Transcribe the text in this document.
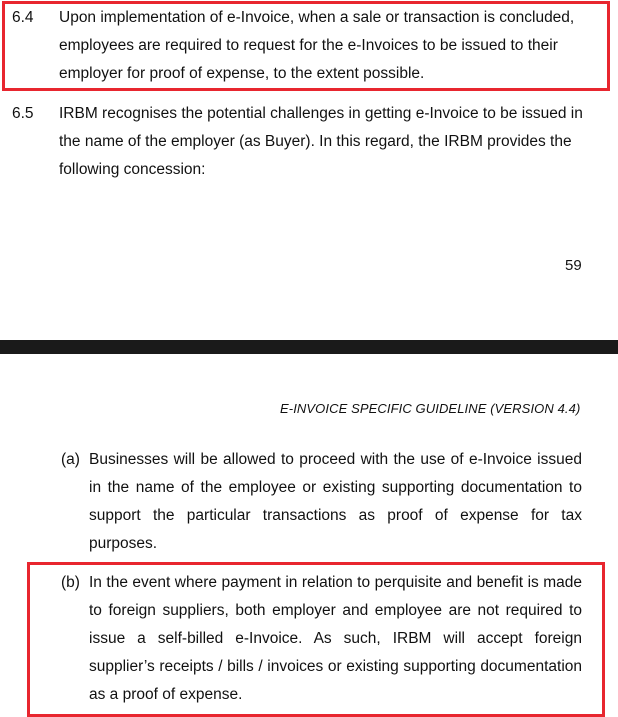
6.4 Upon implementation of e-Invoice, when a sale or transaction is concluded, employees are required to request for the e-Invoices to be issued to their employer for proof of expense, to the extent possible.
6.5 IRBM recognises the potential challenges in getting e-Invoice to be issued in the name of the employer (as Buyer). In this regard, the IRBM provides the following concession:
59
E-INVOICE SPECIFIC GUIDELINE (VERSION 4.4)
(a) Businesses will be allowed to proceed with the use of e-Invoice issued in the name of the employee or existing supporting documentation to support the particular transactions as proof of expense for tax purposes.
(b) In the event where payment in relation to perquisite and benefit is made to foreign suppliers, both employer and employee are not required to issue a self-billed e-Invoice. As such, IRBM will accept foreign supplier’s receipts / bills / invoices or existing supporting documentation as a proof of expense.
